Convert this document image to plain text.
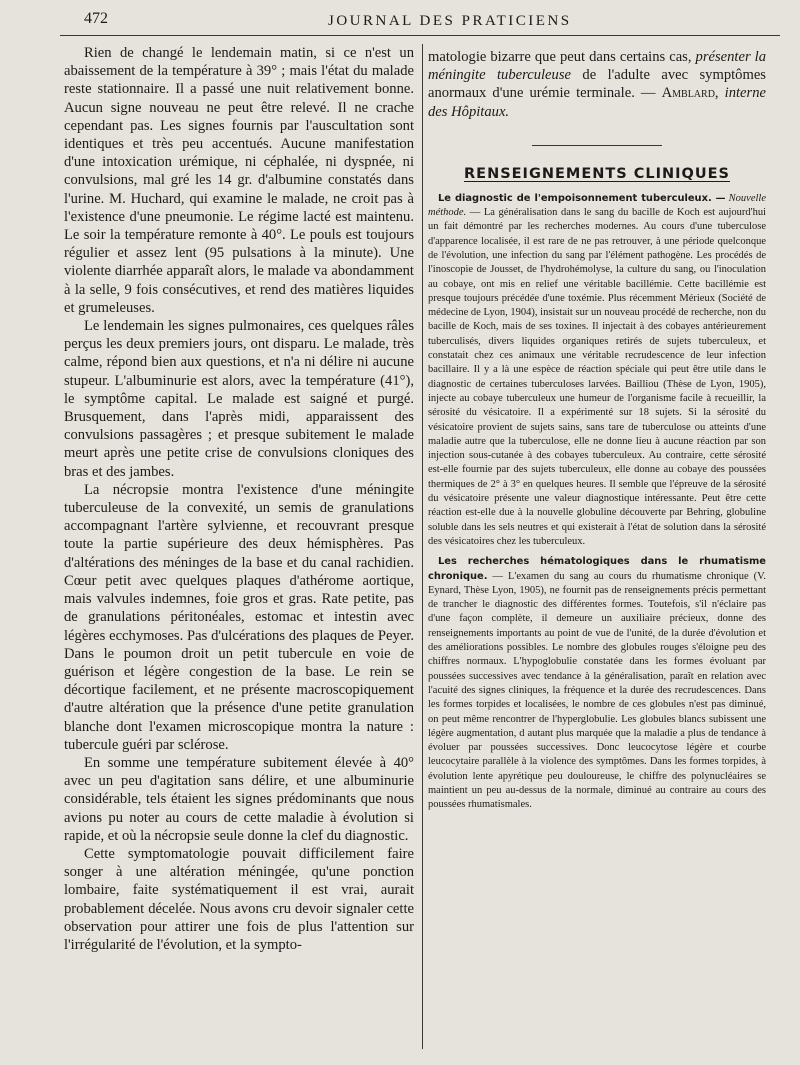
472	JOURNAL DES PRATICIENS

Rien de changé le lendemain matin, si ce n'est un abaissement de la température à 39° ; mais l'état du malade reste stationnaire. Il a passé une nuit relativement bonne. Aucun signe nouveau ne peut être relevé. Il ne crache cependant pas. Les signes fournis par l'auscultation sont identiques et très peu accentués. Aucune manifestation d'une intoxication urémique, ni céphalée, ni dyspnée, ni convulsions, mal gré les 14 gr. d'albumine constatés dans l'urine. M. Huchard, qui examine le malade, ne croit pas à l'existence d'une pneumonie. Le régime lacté est maintenu. Le soir la température remonte à 40°. Le pouls est toujours régulier et assez lent (95 pulsations à la minute). Une violente diarrhée apparaît alors, le malade va abondamment à la selle, 9 fois consécutives, et rend des matières liquides et grumeleuses.

Le lendemain les signes pulmonaires, ces quelques râles perçus les deux premiers jours, ont disparu. Le malade, très calme, répond bien aux questions, et n'a ni délire ni aucune stupeur. L'albuminurie est alors, avec la température (41°), le symptôme capital. Le malade est saigné et purgé. Brusquement, dans l'après midi, apparaissent des convulsions passagères ; et presque subitement le malade meurt après une petite crise de convulsions cloniques des bras et des jambes.

La nécropsie montra l'existence d'une méningite tuberculeuse de la convexité, un semis de granulations accompagnant l'artère sylvienne, et recouvrant presque toute la partie supérieure des deux hémisphères. Pas d'altérations des méninges de la base et du canal rachidien. Cœur petit avec quelques plaques d'athérome aortique, mais valvules indemnes, foie gros et gras. Rate petite, pas de granulations péritonéales, estomac et intestin avec légères ecchymoses. Pas d'ulcérations des plaques de Peyer. Dans le poumon droit un petit tubercule en voie de guérison et légère congestion de la base. Le rein se décortique facilement, et ne présente macroscopiquement d'autre altération que la présence d'une petite granulation blanche dont l'examen microscopique montra la nature : tubercule guéri par sclérose.

En somme une température subitement élevée à 40° avec un peu d'agitation sans délire, et une albuminurie considérable, tels étaient les signes prédominants que nous avions pu noter au cours de cette maladie à évolution si rapide, et où la nécropsie seule donne la clef du diagnostic.

Cette symptomatologie pouvait difficilement faire songer à une altération méningée, qu'une ponction lombaire, faite systématiquement il est vrai, aurait probablement décelée. Nous avons cru devoir signaler cette observation pour attirer une fois de plus l'attention sur l'irrégularité de l'évolution, et la sympto-

matologie bizarre que peut dans certains cas, présenter la méningite tuberculeuse de l'adulte avec symptômes anormaux d'une urémie terminale. — Amblard, interne des Hôpitaux.

RENSEIGNEMENTS CLINIQUES

Le diagnostic de l'empoisonnement tuberculeux. — Nouvelle méthode. — La généralisation dans le sang du bacille de Koch est aujourd'hui un fait démontré par les recherches modernes. Au cours d'une tuberculose d'apparence localisée, il est rare de ne pas retrouver, à une période quelconque de l'évolution, une infection du sang par l'élément pathogène. Les procédés de l'inoscopie de Jousset, de l'hydrohémolyse, la culture du sang, ou l'inoculation au cobaye, ont mis en relief une véritable bacillémie. Cette bacillémie est presque toujours précédée d'une toxémie. Plus récemment Mérieux (Société de médecine de Lyon, 1904), insistait sur un nouveau procédé de recherche, non du bacille de Koch, mais de ses toxines. Il injectait à des cobayes antérieurement tuberculisés, divers liquides organiques retirés de sujets tuberculeux, et constatait chez ces animaux une véritable recrudescence de leur infection bacillaire. Il y a là une espèce de réaction spéciale qui peut être utile dans le diagnostic de certaines tuberculoses larvées. Bailliou (Thèse de Lyon, 1905), injecte au cobaye tuberculeux une humeur de l'organisme facile à recueillir, la sérosité du vésicatoire. Il a expérimenté sur 18 sujets. Si la sérosité du vésicatoire provient de sujets sains, sans tare de tuberculose ou atteints d'une maladie autre que la tuberculose, elle ne donne lieu à aucune réaction par son injection sous-cutanée à des cobayes tuberculeux. Au contraire, cette sérosité est-elle fournie par des sujets tuberculeux, elle donne au cobaye des poussées thermiques de 2° à 3° en quelques heures. Il semble que l'épreuve de la sérosité du vésicatoire présente une valeur diagnostique intéressante. Peut être cette réaction est-elle due à la nouvelle globuline découverte par Behring, globuline soluble dans les sels neutres et qui existerait à l'état de solution dans la sérosité des vésicatoires chez les tuberculeux.

Les recherches hématologiques dans le rhumatisme chronique. — L'examen du sang au cours du rhumatisme chronique (V. Eynard, Thèse Lyon, 1905), ne fournit pas de renseignements précis permettant de trancher le diagnostic des différentes formes. Toutefois, s'il n'éclaire pas d'une façon complète, il demeure un auxiliaire précieux, donne des renseignements importants au point de vue de l'unité, de la durée d'évolution et des améliorations possibles. Le nombre des globules rouges s'éloigne peu des chiffres normaux. L'hypoglobulie constatée dans les formes évoluant par poussées successives avec tendance à la généralisation, paraît en relation avec l'acuité des signes cliniques, la fréquence et la durée des recrudescences. Dans les formes torpides et localisées, le nombre de ces globules n'est pas diminué, on peut même rencontrer de l'hyperglobulie. Les globules blancs subissent une légère augmentation, d autant plus marquée que la maladie a plus de tendance à évoluer par poussées successives. Donc leucocytose légère et courbe leucocytaire parallèle à la violence des symptômes. Dans les formes torpides, à évolution lente apyrétique peu douloureuse, le chiffre des polynucléaires se maintient un peu au-dessus de la normale, diminué au contraire au cours des poussées rhumatismales.
